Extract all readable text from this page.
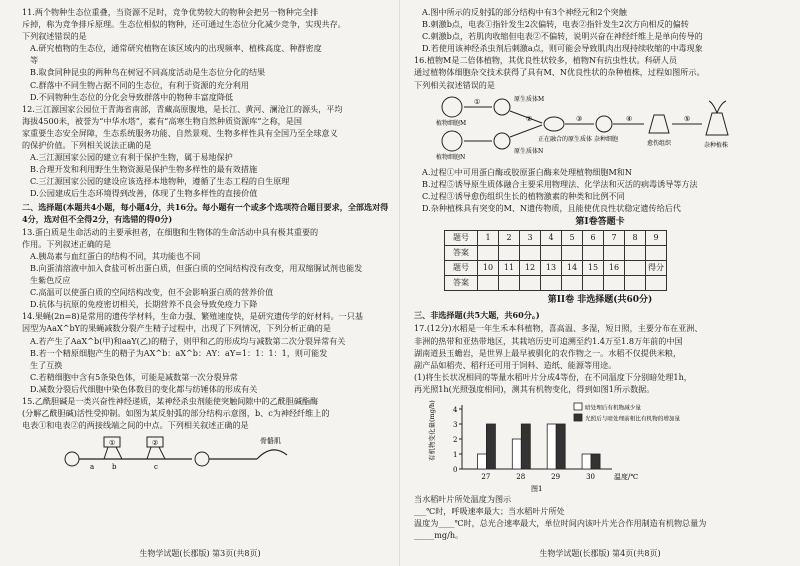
11.两个物种生态位重叠，当资源不足时，竞争优势较大的物种会把另一物种完全排
斥掉，称为竞争排斥原理。生态位相似的物种，还可通过生态位分化减少竞争，实现共存。
下列叙述错误的是
A.研究植物的生态位，通常研究植物在该区域内的出现频率、植株高度、种群密度
等
B.取食同种昆虫的两种鸟在树冠不同高度活动是生态位分化的结果
C.群落中不同生物占据不同的生态位，有利于资源的充分利用
D.不同物种生态位的分化会导致群落中的物种丰富度降低
12.三江源国家公园位于青海省南部，青藏高原腹地，是长江、黄河、澜沧江的源头，平均
海拔4500米，被誉为“中华水塔”，素有“高寒生物自然种质资源库”之称，是国
家重要生态安全屏障，生态系统服务功能、自然景观、生物多样性具有全国乃至全球意义
的保护价值。下列相关说法正确的是
A.三江源国家公园的建立有利于保护生物，属于易地保护
B.合理开发和利用野生生物资源是保护生物多样性的最有效措施
C.三江源国家公园的建设应该选择本地物种，遵循了生态工程的自生原理
D.公园建成后生态环境得到改善，体现了生物多样性的直接价值
二、选择题(本题共4小题，每小题4分，共16分。每小题有一个或多个选项符合题目要求，全部选对得4分，选对但不全得2分，有选错的得0分)
13.蛋白质是生命活动的主要承担者，在细胞和生物体的生命活动中具有极其重要的
作用。下列叙述正确的是
A.胰岛素与血红蛋白的结构不同，其功能也不同
B.向蛋清溶液中加入食盐可析出蛋白质，但蛋白质的空间结构没有改变，用双缩脲试剂也能发
生紫色反应
C.高温可以使蛋白质的空间结构改变，但不会影响蛋白质的营养价值
D.抗体与抗原的免疫密切相关，长期营养不良会导致免疫力下降
14.果蝇(2n=8)是常用的遗传学材料，生命力强、繁殖速度快，是研究遗传学的好材料。一只基
因型为AaX^bY的果蝇减数分裂产生精子过程中，出现了下列情况，下列分析正确的是
A.若产生了AaX^b(甲)和aaY(乙)的精子，则甲和乙的形成均与减数第二次分裂异常有关
B.若一个精原细胞产生的精子为AX^b：aX^b：AY：aY=1：1：1：1，则可能发
生了互换
C.若精细胞中含有5条染色体，可能是减数第一次分裂异常
D.减数分裂后代细胞中染色体数目的变化都与纺锤体的形成有关
15.乙酰胆碱是一类兴奋性神经递质，某神经杀虫剂能使突触间隙中的乙酰胆碱酯酶
(分解乙酰胆碱)活性受抑制。如图为某反射弧的部分结构示意图，b、c为神经纤维上的
电表①和电表②的两接线端之间的中点。下列相关叙述正确的是
①	②
a	b	c
骨骼肌
生物学试题(长郡版) 第3页(共8页)
A.图中所示的反射弧的部分结构中有3个神经元和2个突触
B.刺激b点，电表①指针发生2次偏转，电表②指针发生2次方向相反的偏转
C.刺激b点，若肌肉收缩但电表②不偏转，说明兴奋在神经纤维上是单向传导的
D.若使用该神经杀虫剂后刺激a点，则可能会导致肌肉出现持续收缩的中毒现象
16.植物M是二倍体植物，其优良性状较多，植物N有抗虫性状。科研人员
通过植物体细胞杂交技术获得了具有M、N优良性状的杂种植株，过程如图所示。
下列相关叙述错误的是
植物细胞M
植物细胞N
①	原生质体M
原生质体N
②
正在融合的原生质体
③
杂种细胞
④
愈伤组织
⑤
杂种植株
A.过程①中可用蛋白酶或胶原蛋白酶来处理植物细胞M和N
B.过程⑤诱导原生质体融合主要采用物理法、化学法和灭活的病毒诱导等方法
C.过程③诱导愈伤组织生长的植物激素的种类和比例不同
D.杂种植株具有突变的M、N遗传物质，且能使优良性状稳定遗传给后代
第I卷答题卡
题号	1	2	3	4	5	6	7	8	9
答案									
题号	10	11	12	13	14	15	16		得分
答案									
第II卷 非选择题(共60分)
三、非选择题(共5大题，共60分。)
17.(12分)水稻是一年生禾本科植物，喜高温、多湿，短日照，主要分布在亚洲、
非洲的热带和亚热带地区，其栽培历史可追溯至约1.4万至1.8万年前的中国
湖南道县玉蟾岩，是世界上最早被驯化的农作物之一。水稻不仅提供米粮，
副产品如稻壳、稻秆还可用于饲料、造纸、能源等用途。
(1)将生长状况相同的等量水稻叶片分成4等份，在不同温度下分别暗处理1h，
再光照1h(光照强度相同)，测其有机物变化，得到如图1所示数据。
0
1
2
3
4
有机物变化量(mg/h)
27	28	29	30	温度/℃
图1
暗处理后有机物减少量
光照后与暗处理前相比有机物的增加量
当水稻叶片所处温度为图示
___℃时，呼吸速率最大；当水稻叶片所处
温度为____℃时，总光合速率最大，单位时间内该叶片光合作用制造有机物总量为
_____mg/h。
生物学试题(长郡版) 第4页(共8页)
